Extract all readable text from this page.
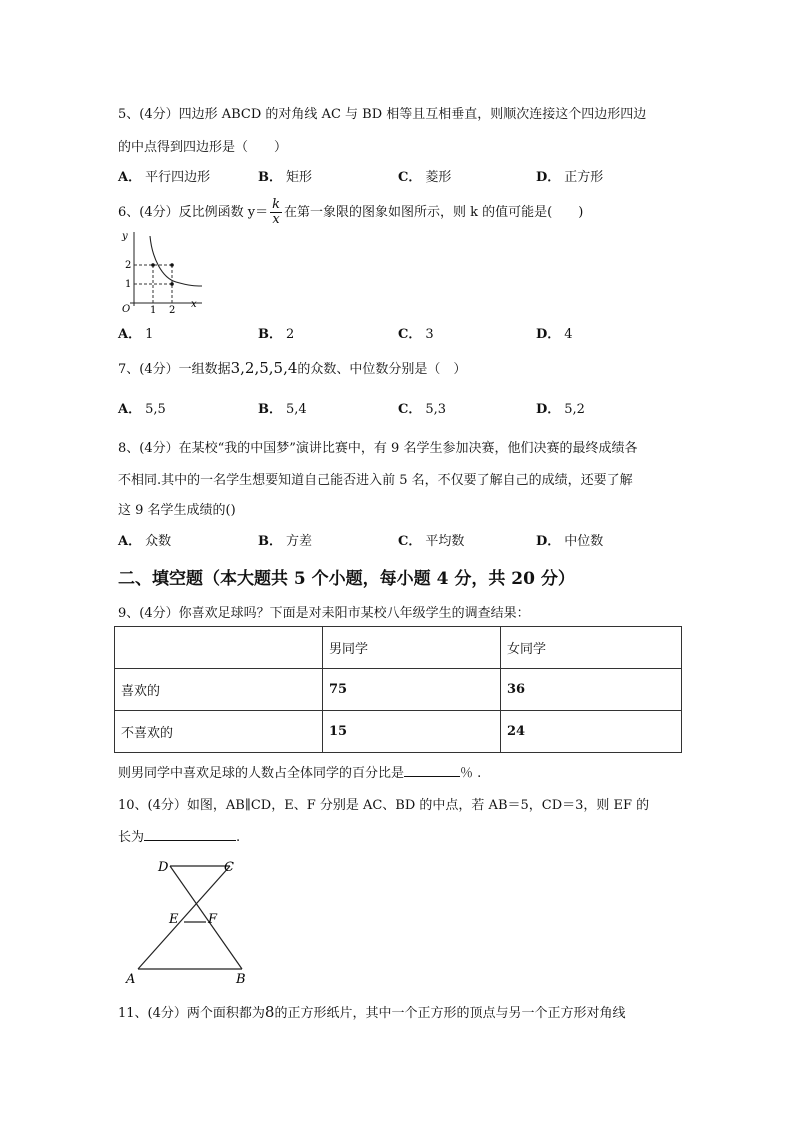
5、(4分）四边形 ABCD 的对角线 AC 与 BD 相等且互相垂直，则顺次连接这个四边形四边
的中点得到四边形是（　　）
A． 平行四边形	B． 矩形	C． 菱形	D． 正方形
6、(4分）反比例函数 $y= \frac{k}{x}$ 在第一象限的图象如图所示，则 k 的值可能是(　　)
y
x
O
2
1
1 2
A． 1	B． 2	C． 3	D． 4
7、(4分）一组数据3,2,5,5,4的众数、中位数分别是（　）
A． 5,5	B． 5,4	C． 5,3	D． 5,2
8、(4分）在某校“我的中国梦”演讲比赛中，有 9 名学生参加决赛，他们决赛的最终成绩各
不相同.其中的一名学生想要知道自己能否进入前 5 名，不仅要了解自己的成绩，还要了解
这 9 名学生成绩的()
A． 众数	B． 方差	C． 平均数	D． 中位数
二、填空题（本大题共 5 个小题，每小题 4 分，共 20 分）
9、(4分）你喜欢足球吗？下面是对耒阳市某校八年级学生的调查结果：
	男同学	女同学
喜欢的	75	36
不喜欢的	15	24
则男同学中喜欢足球的人数占全体同学的百分比是	％ .
10、(4分）如图，AB∥CD，E、F 分别是 AC、BD 的中点，若 AB＝5，CD＝3，则 EF 的
长为	.
D	C
E F
A	B
11、(4分）两个面积都为8的正方形纸片，其中一个正方形的顶点与另一个正方形对角线
